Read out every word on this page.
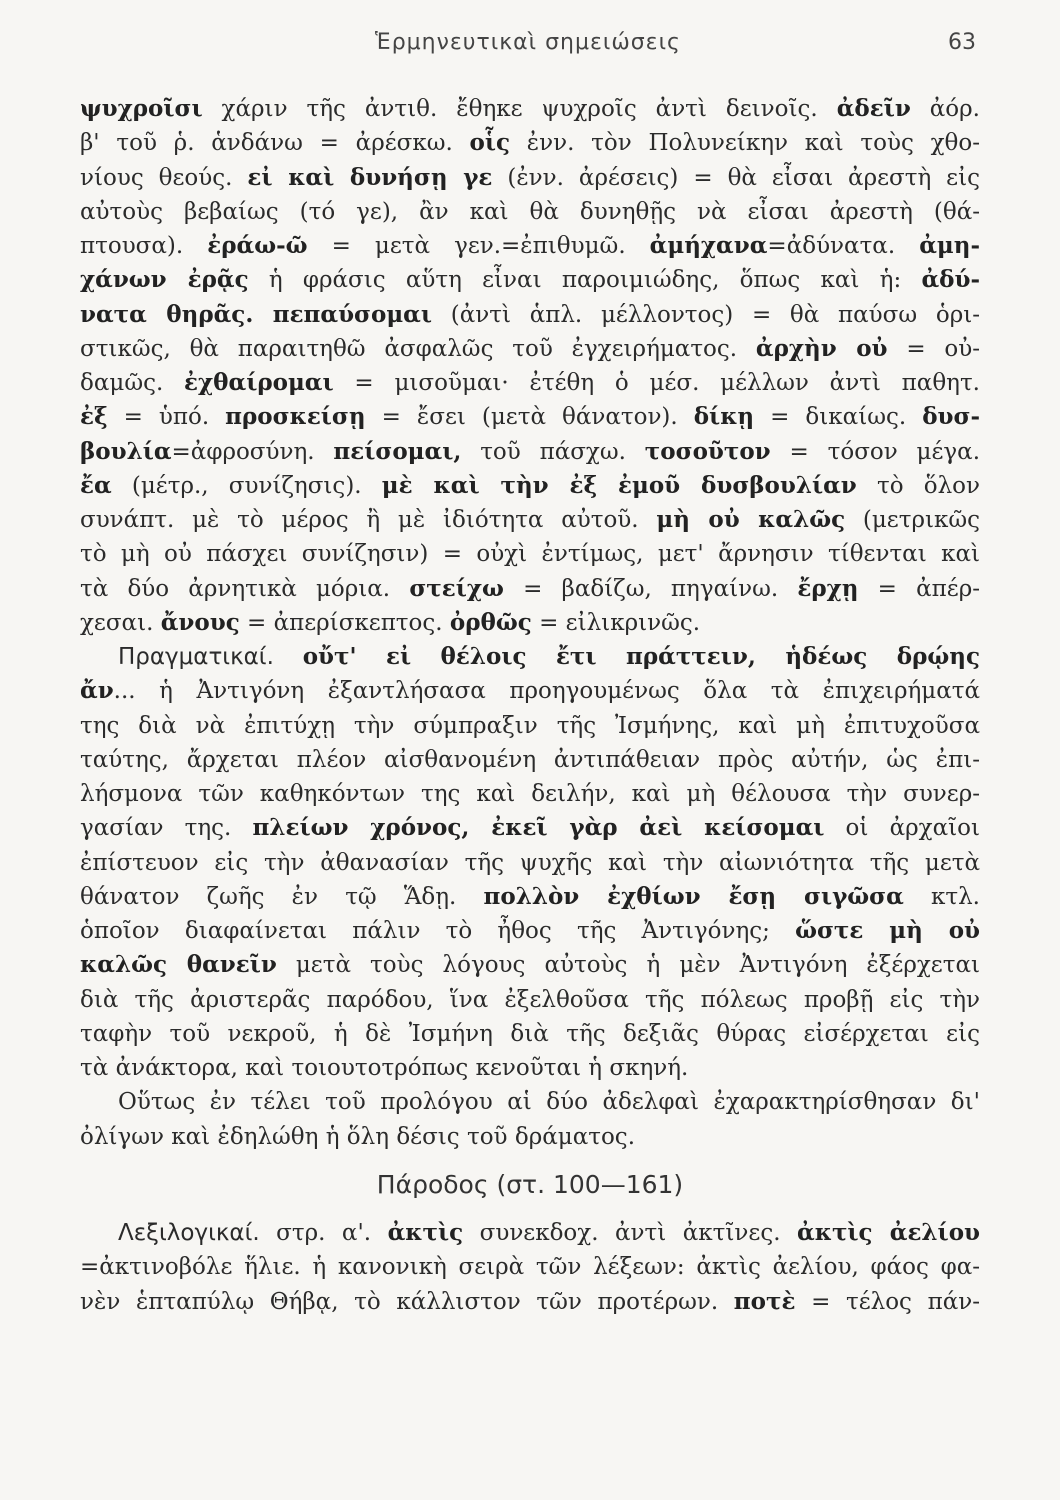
Ἑρμηνευτικαὶ σημειώσεις	63
ψυχροῖσι χάριν τῆς ἀντιθ. ἔθηκε ψυχροῖς ἀντὶ δεινοῖς. ἀδεῖν ἀόρ.
β' τοῦ ῥ. ἁνδάνω = ἀρέσκω. οἷς ἐνν. τὸν Πολυνείκην καὶ τοὺς χθο-
νίους θεούς. εἰ καὶ δυνήσῃ γε (ἐνν. ἀρέσεις) = θὰ εἶσαι ἀρεστὴ εἰς
αὐτοὺς βεβαίως (τό γε), ἂν καὶ θὰ δυνηθῇς νὰ εἶσαι ἀρεστὴ (θά-
πτουσα). ἐράω-ῶ = μετὰ γεν.=ἐπιθυμῶ. ἀμήχανα=ἀδύνατα. ἀμη-
χάνων ἐρᾷς ἡ φράσις αὕτη εἶναι παροιμιώδης, ὅπως καὶ ἡ: ἀδύ-
νατα θηρᾶς. πεπαύσομαι (ἀντὶ ἁπλ. μέλλοντος) = θὰ παύσω ὁρι-
στικῶς, θὰ παραιτηθῶ ἀσφαλῶς τοῦ ἐγχειρήματος. ἀρχὴν οὐ = οὐ-
δαμῶς. ἐχθαίρομαι = μισοῦμαι· ἐτέθη ὁ μέσ. μέλλων ἀντὶ παθητ.
ἐξ = ὑπό. προσκείσῃ = ἔσει (μετὰ θάνατον). δίκῃ = δικαίως. δυσ-
βουλία=ἀφροσύνη. πείσομαι, τοῦ πάσχω. τοσοῦτον = τόσον μέγα.
ἔα (μέτρ., συνίζησις). μὲ καὶ τὴν ἐξ ἐμοῦ δυσβουλίαν τὸ ὅλον
συνάπτ. μὲ τὸ μέρος ἢ μὲ ἰδιότητα αὐτοῦ. μὴ οὐ καλῶς (μετρικῶς
τὸ μὴ οὐ πάσχει συνίζησιν) = οὐχὶ ἐντίμως, μετ' ἄρνησιν τίθενται καὶ
τὰ δύο ἀρνητικὰ μόρια. στείχω = βαδίζω, πηγαίνω. ἔρχῃ = ἀπέρ-
χεσαι. ἄνους = ἀπερίσκεπτος. ὀρθῶς = εἰλικρινῶς.
Πραγματικαί. οὔτ' εἰ θέλοις ἔτι πράττειν, ἡδέως δρῴης
ἄν... ἡ Ἀντιγόνη ἐξαντλήσασα προηγουμένως ὅλα τὰ ἐπιχειρήματά
της διὰ νὰ ἐπιτύχῃ τὴν σύμπραξιν τῆς Ἰσμήνης, καὶ μὴ ἐπιτυχοῦσα
ταύτης, ἄρχεται πλέον αἰσθανομένη ἀντιπάθειαν πρὸς αὐτήν, ὡς ἐπι-
λήσμονα τῶν καθηκόντων της καὶ δειλήν, καὶ μὴ θέλουσα τὴν συνερ-
γασίαν της. πλείων χρόνος, ἐκεῖ γὰρ ἀεὶ κείσομαι οἱ ἀρχαῖοι
ἐπίστευον εἰς τὴν ἀθανασίαν τῆς ψυχῆς καὶ τὴν αἰωνιότητα τῆς μετὰ
θάνατον ζωῆς ἐν τῷ Ἅδῃ. πολλὸν ἐχθίων ἔσῃ σιγῶσα κτλ.
ὁποῖον διαφαίνεται πάλιν τὸ ἦθος τῆς Ἀντιγόνης; ὥστε μὴ οὐ
καλῶς θανεῖν μετὰ τοὺς λόγους αὐτοὺς ἡ μὲν Ἀντιγόνη ἐξέρχεται
διὰ τῆς ἀριστερᾶς παρόδου, ἵνα ἐξελθοῦσα τῆς πόλεως προβῇ εἰς τὴν
ταφὴν τοῦ νεκροῦ, ἡ δὲ Ἰσμήνη διὰ τῆς δεξιᾶς θύρας εἰσέρχεται εἰς
τὰ ἀνάκτορα, καὶ τοιουτοτρόπως κενοῦται ἡ σκηνή.
Οὕτως ἐν τέλει τοῦ προλόγου αἱ δύο ἀδελφαὶ ἐχαρακτηρίσθησαν δι'
ὀλίγων καὶ ἐδηλώθη ἡ ὅλη δέσις τοῦ δράματος.
Πάροδος (στ. 100—161)
Λεξιλογικαί. στρ. α'. ἀκτὶς συνεκδοχ. ἀντὶ ἀκτῖνες. ἀκτὶς ἀελίου
=ἀκτινοβόλε ἥλιε. ἡ κανονικὴ σειρὰ τῶν λέξεων: ἀκτὶς ἀελίου, φάος φα-
νὲν ἑπταπύλῳ Θήβᾳ, τὸ κάλλιστον τῶν προτέρων. ποτὲ = τέλος πάν-
